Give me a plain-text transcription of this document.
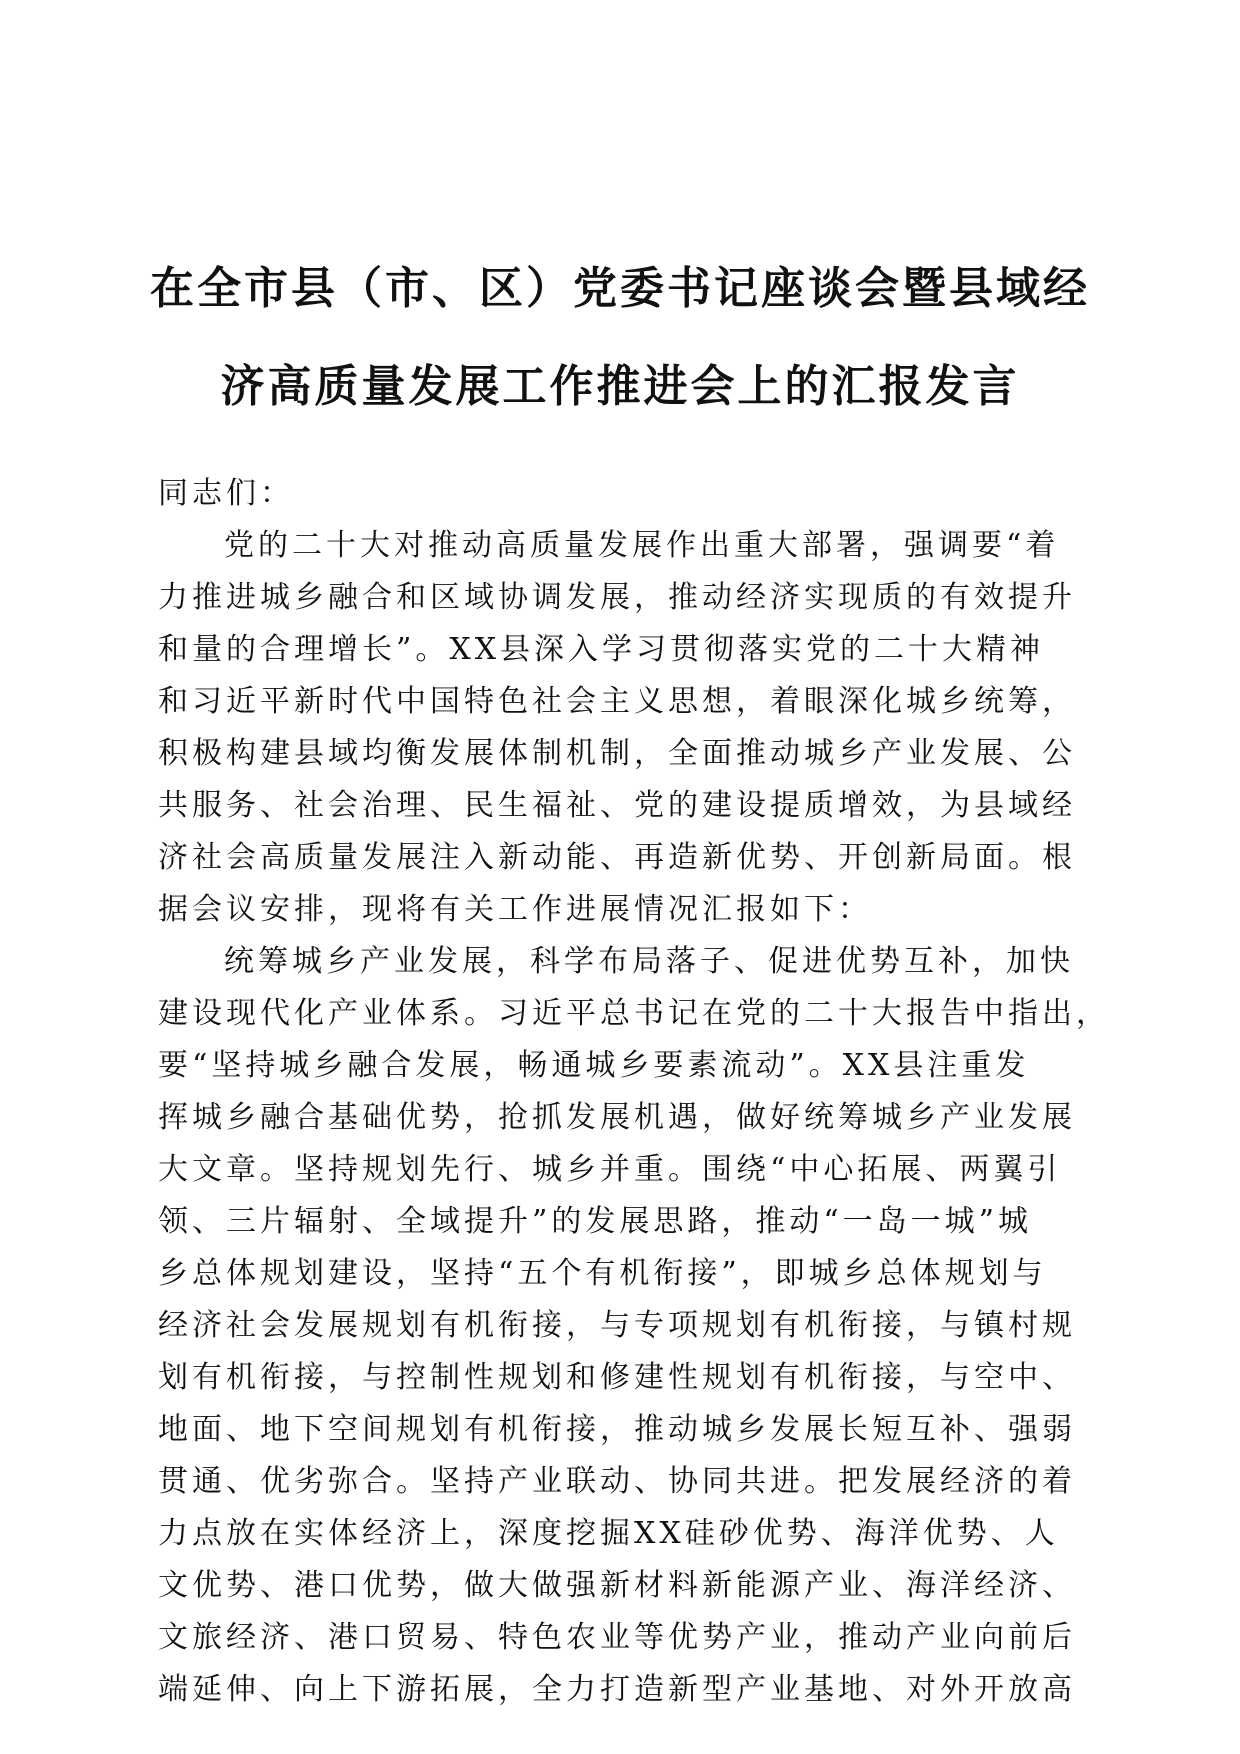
在全市县（市、区）党委书记座谈会暨县域经
济高质量发展工作推进会上的汇报发言
同志们：
党的二十大对推动高质量发展作出重大部署，强调要“着
力推进城乡融合和区域协调发展，推动经济实现质的有效提升
和量的合理增长”。XX县深入学习贯彻落实党的二十大精神
和习近平新时代中国特色社会主义思想，着眼深化城乡统筹，
积极构建县域均衡发展体制机制，全面推动城乡产业发展、公
共服务、社会治理、民生福祉、党的建设提质增效，为县域经
济社会高质量发展注入新动能、再造新优势、开创新局面。根
据会议安排，现将有关工作进展情况汇报如下：
统筹城乡产业发展，科学布局落子、促进优势互补，加快
建设现代化产业体系。习近平总书记在党的二十大报告中指出，
要“坚持城乡融合发展，畅通城乡要素流动”。XX县注重发
挥城乡融合基础优势，抢抓发展机遇，做好统筹城乡产业发展
大文章。坚持规划先行、城乡并重。围绕“中心拓展、两翼引
领、三片辐射、全域提升”的发展思路，推动“一岛一城”城
乡总体规划建设，坚持“五个有机衔接”，即城乡总体规划与
经济社会发展规划有机衔接，与专项规划有机衔接，与镇村规
划有机衔接，与控制性规划和修建性规划有机衔接，与空中、
地面、地下空间规划有机衔接，推动城乡发展长短互补、强弱
贯通、优劣弥合。坚持产业联动、协同共进。把发展经济的着
力点放在实体经济上，深度挖掘XX硅砂优势、海洋优势、人
文优势、港口优势，做大做强新材料新能源产业、海洋经济、
文旅经济、港口贸易、特色农业等优势产业，推动产业向前后
端延伸、向上下游拓展，全力打造新型产业基地、对外开放高
